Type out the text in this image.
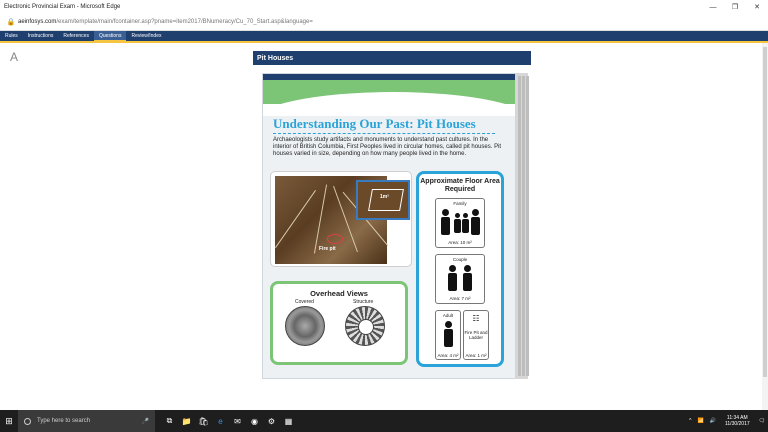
Electronic Provincial Exam - Microsoft Edge	—	❐	✕
🔒 aeinfosys.com/exam/template/main/fcontainer.asp?pname=item2017/BNumeracy/Cu_70_Start.asp&language=
Rules	Instructions	References	Questions	Review/Index
A	Pit Houses
Understanding Our Past: Pit Houses
Archaeologists study artifacts and monuments to understand past cultures. In the interior of British Columbia, First Peoples lived in circular homes, called pit houses. Pit houses varied in size, depending on how many people lived in the home.
Fire pit
1m²
Overhead Views
Covered	Structure
Approximate Floor Area Required
Family
Area: 10 m²
Couple
Area: 7 m²
Adult
Area: 4 m²
☷
Fire Pit and Ladder
Area: 1 m²
⊞	Type here to search	🎤	⧉	📁 🛍	e	✉	◉	⚙	▦	^ 📶 🔊	11:34 AM
11/30/2017 🗨
